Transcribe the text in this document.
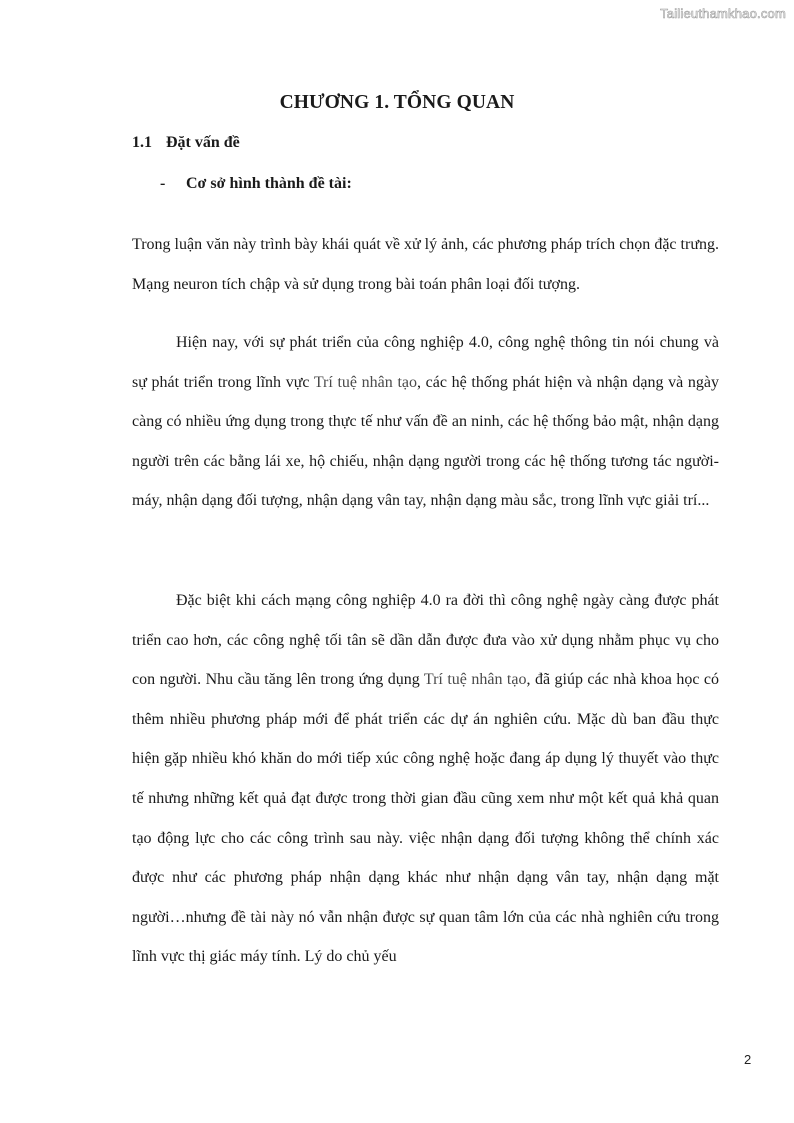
Tailieuthamkhao.com
CHƯƠNG 1. TỔNG QUAN
1.1 Đặt vấn đề
- Cơ sở hình thành đề tài:

Trong luận văn này trình bày khái quát về xử lý ảnh, các phương pháp trích chọn đặc trưng. Mạng neuron tích chập và sử dụng trong bài toán phân loại đối tượng.

Hiện nay, với sự phát triển của công nghiệp 4.0, công nghệ thông tin nói chung và sự phát triển trong lĩnh vực Trí tuệ nhân tạo, các hệ thống phát hiện và nhận dạng và ngày càng có nhiều ứng dụng trong thực tế như vấn đề an ninh, các hệ thống bảo mật, nhận dạng người trên các bằng lái xe, hộ chiếu, nhận dạng người trong các hệ thống tương tác người-máy, nhận dạng đối tượng, nhận dạng vân tay, nhận dạng màu sắc, trong lĩnh vực giải trí...

Đặc biệt khi cách mạng công nghiệp 4.0 ra đời thì công nghệ ngày càng được phát triển cao hơn, các công nghệ tối tân sẽ dần dẫn được đưa vào xử dụng nhằm phục vụ cho con người. Nhu cầu tăng lên trong ứng dụng Trí tuệ nhân tạo, đã giúp các nhà khoa học có thêm nhiều phương pháp mới để phát triển các dự án nghiên cứu. Mặc dù ban đầu thực hiện gặp nhiều khó khăn do mới tiếp xúc công nghệ hoặc đang áp dụng lý thuyết vào thực tế nhưng những kết quả đạt được trong thời gian đầu cũng xem như một kết quả khả quan tạo động lực cho các công trình sau này. việc nhận dạng đối tượng không thể chính xác được như các phương pháp nhận dạng khác như nhận dạng vân tay, nhận dạng mặt người…nhưng đề tài này nó vẫn nhận được sự quan tâm lớn của các nhà nghiên cứu trong lĩnh vực thị giác máy tính. Lý do chủ yếu

2
